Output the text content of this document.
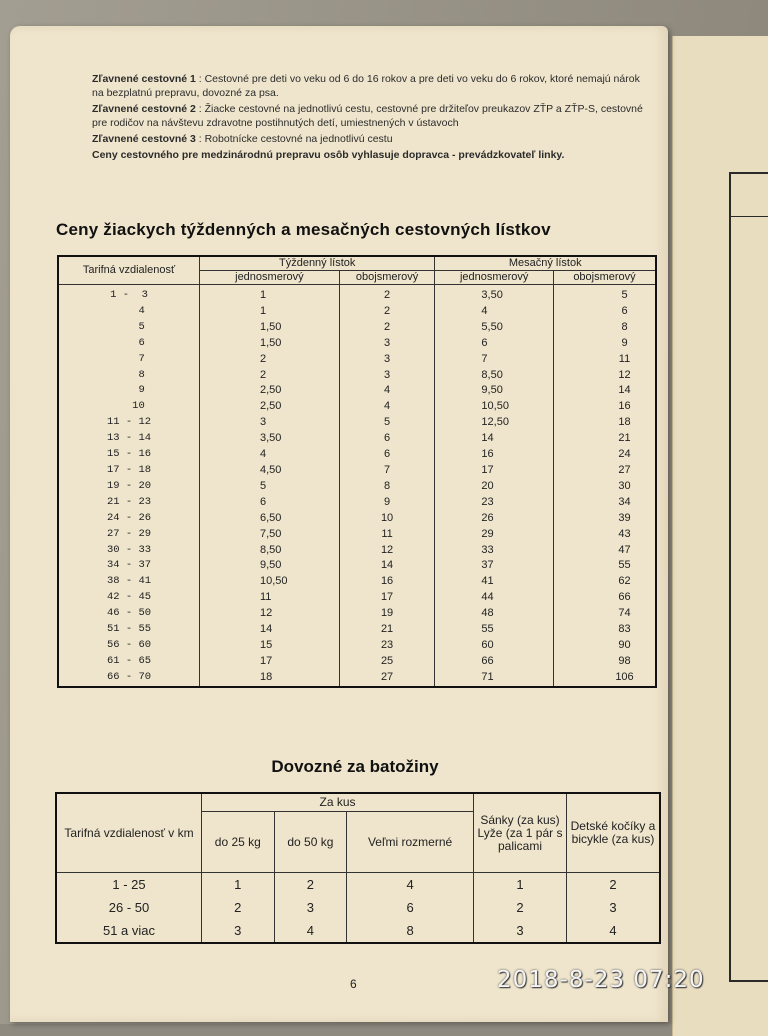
Zľavnené cestovné 1 : Cestovné pre deti vo veku od 6 do 16 rokov a pre deti vo veku do 6 rokov, ktoré nemajú nárok na bezplatnú prepravu, dovozné za psa.

Zľavnené cestovné 2 : Žiacke cestovné na jednotlivú cestu, cestovné pre držiteľov preukazov ZŤP a ZŤP-S, cestovné pre rodičov na návštevu zdravotne postihnutých detí, umiestnených v ústavoch

Zľavnené cestovné 3 : Robotnícke cestovné na jednotlivú cestu

Ceny cestovného pre medzinárodnú prepravu osôb vyhlasuje dopravca - prevádzkovateľ linky.

Ceny žiackych týždenných a mesačných cestovných lístkov
Tarifná vzdialenosť	Týždenný lístok		Mesačný lístok	
	jednosmerový	obojsmerový	jednosmerový	obojsmerový
1 -  3	1	2	3,50	5
4	1	2	4	6
5	1,50	2	5,50	8
6	1,50	3	6	9
7	2	3	7	11
8	2	3	8,50	12
9	2,50	4	9,50	14
10	2,50	4	10,50	16
11 - 12	3	5	12,50	18
13 - 14	3,50	6	14	21
15 - 16	4	6	16	24
17 - 18	4,50	7	17	27
19 - 20	5	8	20	30
21 - 23	6	9	23	34
24 - 26	6,50	10	26	39
27 - 29	7,50	11	29	43
30 - 33	8,50	12	33	47
34 - 37	9,50	14	37	55
38 - 41	10,50	16	41	62
42 - 45	11	17	44	66
46 - 50	12	19	48	74
51 - 55	14	21	55	83
56 - 60	15	23	60	90
61 - 65	17	25	66	98
66 - 70	18	27	71	106
Dovozné za batožiny
Tarifná vzdialenosť v km	Za kus			Sánky (za kus) Lyže (za 1 pár s palicami	Detské kočíky a bicykle (za kus)
	do 25 kg	do 50 kg	Veľmi rozmerné		
1 - 25	1	2	4	1	2
26 - 50	2	3	6	2	3
51 a viac	3	4	8	3	4
6	2018-8-23 07:20
